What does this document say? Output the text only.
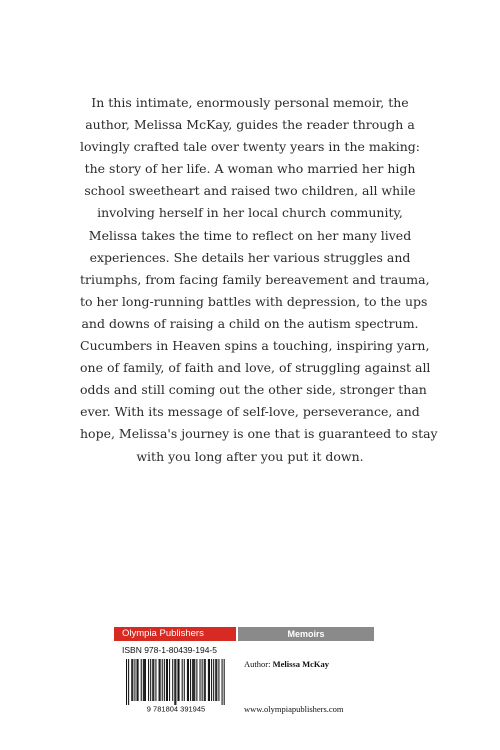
In this intimate, enormously personal memoir, the
author, Melissa McKay, guides the reader through a
lovingly crafted tale over twenty years in the making:
the story of her life. A woman who married her high
school sweetheart and raised two children, all while
involving herself in her local church community,
Melissa takes the time to reflect on her many lived
experiences. She details her various struggles and
triumphs, from facing family bereavement and trauma,
to her long-running battles with depression, to the ups
and downs of raising a child on the autism spectrum.
Cucumbers in Heaven spins a touching, inspiring yarn,
one of family, of faith and love, of struggling against all
odds and still coming out the other side, stronger than
ever. With its message of self-love, perseverance, and
hope, Melissa's journey is one that is guaranteed to stay
with you long after you put it down.
Olympia Publishers	Memoirs
ISBN 978-1-80439-194-5
9 781804 391945
Author: Melissa McKay
www.olympiapublishers.com
